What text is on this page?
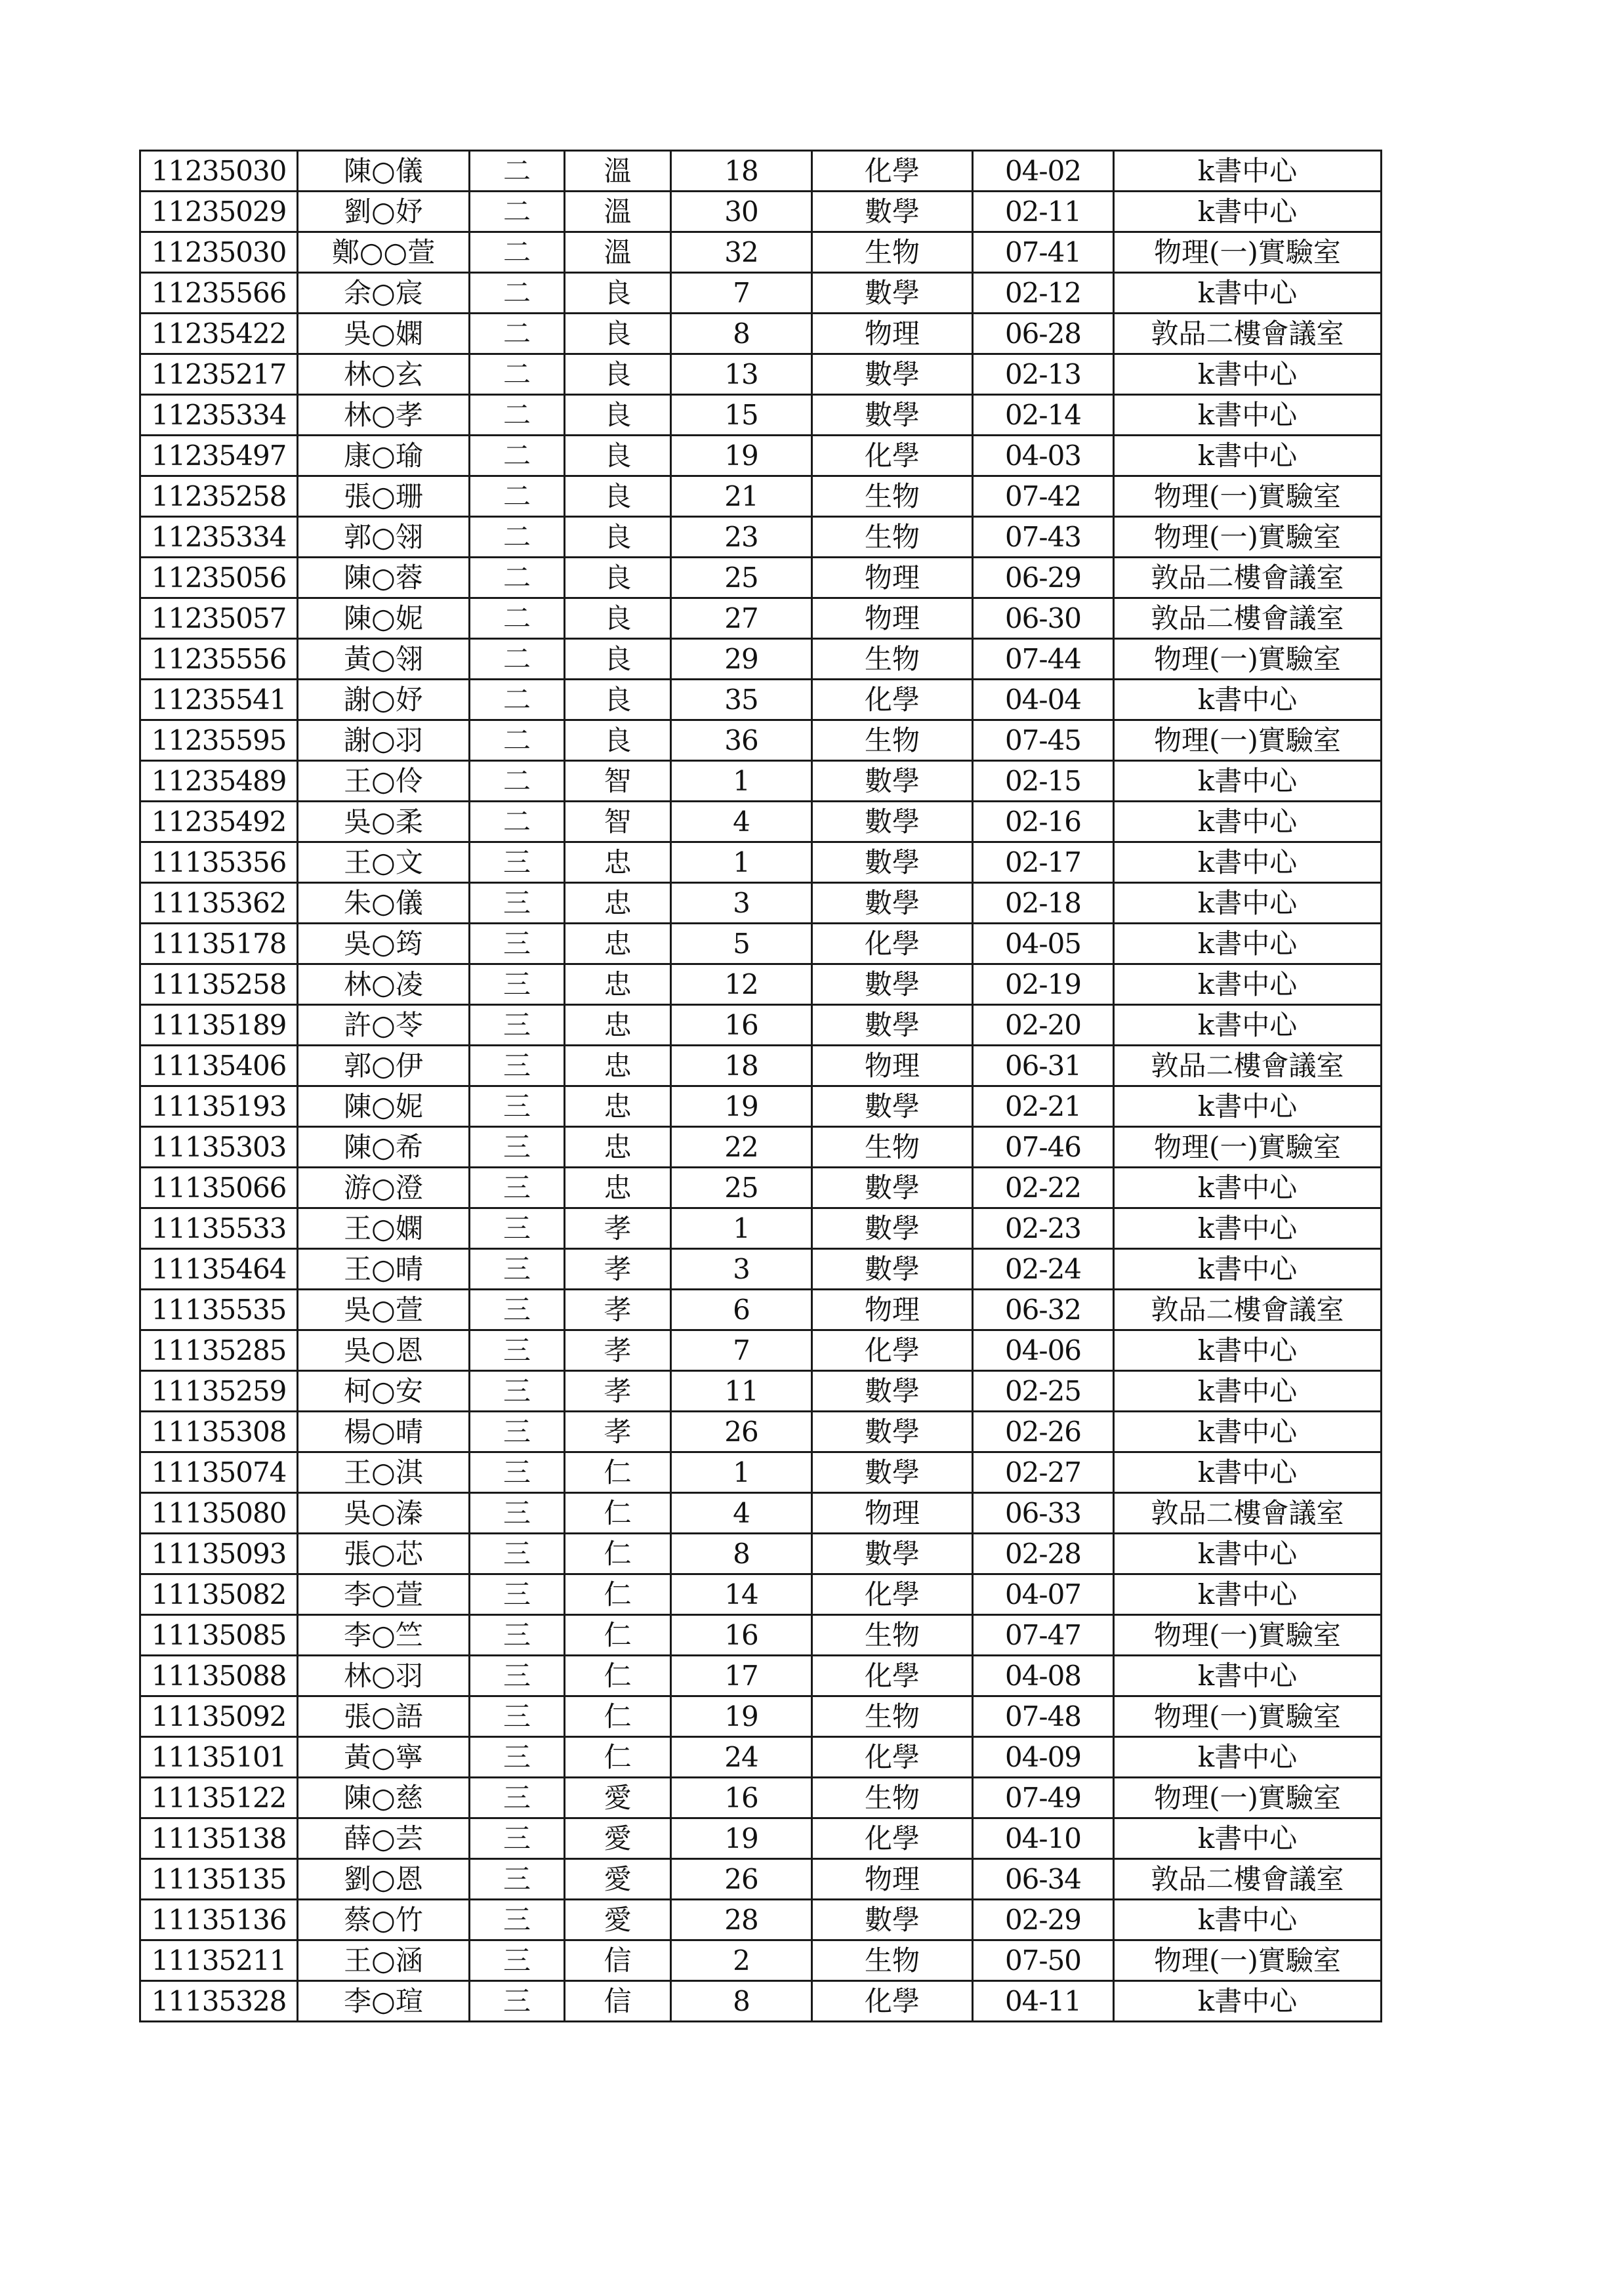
11235030	陳○儀	二	溫	18	化學	04-02	k書中心
11235029	劉○妤	二	溫	30	數學	02-11	k書中心
11235030	鄭○○萱	二	溫	32	生物	07-41	物理(一)實驗室
11235566	余○宸	二	良	7	數學	02-12	k書中心
11235422	吳○嫻	二	良	8	物理	06-28	敦品二樓會議室
11235217	林○玄	二	良	13	數學	02-13	k書中心
11235334	林○孝	二	良	15	數學	02-14	k書中心
11235497	康○瑜	二	良	19	化學	04-03	k書中心
11235258	張○珊	二	良	21	生物	07-42	物理(一)實驗室
11235334	郭○翎	二	良	23	生物	07-43	物理(一)實驗室
11235056	陳○蓉	二	良	25	物理	06-29	敦品二樓會議室
11235057	陳○妮	二	良	27	物理	06-30	敦品二樓會議室
11235556	黃○翎	二	良	29	生物	07-44	物理(一)實驗室
11235541	謝○妤	二	良	35	化學	04-04	k書中心
11235595	謝○羽	二	良	36	生物	07-45	物理(一)實驗室
11235489	王○伶	二	智	1	數學	02-15	k書中心
11235492	吳○柔	二	智	4	數學	02-16	k書中心
11135356	王○文	三	忠	1	數學	02-17	k書中心
11135362	朱○儀	三	忠	3	數學	02-18	k書中心
11135178	吳○筠	三	忠	5	化學	04-05	k書中心
11135258	林○凌	三	忠	12	數學	02-19	k書中心
11135189	許○苓	三	忠	16	數學	02-20	k書中心
11135406	郭○伊	三	忠	18	物理	06-31	敦品二樓會議室
11135193	陳○妮	三	忠	19	數學	02-21	k書中心
11135303	陳○希	三	忠	22	生物	07-46	物理(一)實驗室
11135066	游○澄	三	忠	25	數學	02-22	k書中心
11135533	王○嫻	三	孝	1	數學	02-23	k書中心
11135464	王○晴	三	孝	3	數學	02-24	k書中心
11135535	吳○萱	三	孝	6	物理	06-32	敦品二樓會議室
11135285	吳○恩	三	孝	7	化學	04-06	k書中心
11135259	柯○安	三	孝	11	數學	02-25	k書中心
11135308	楊○晴	三	孝	26	數學	02-26	k書中心
11135074	王○淇	三	仁	1	數學	02-27	k書中心
11135080	吳○溱	三	仁	4	物理	06-33	敦品二樓會議室
11135093	張○芯	三	仁	8	數學	02-28	k書中心
11135082	李○萱	三	仁	14	化學	04-07	k書中心
11135085	李○竺	三	仁	16	生物	07-47	物理(一)實驗室
11135088	林○羽	三	仁	17	化學	04-08	k書中心
11135092	張○語	三	仁	19	生物	07-48	物理(一)實驗室
11135101	黃○寧	三	仁	24	化學	04-09	k書中心
11135122	陳○慈	三	愛	16	生物	07-49	物理(一)實驗室
11135138	薛○芸	三	愛	19	化學	04-10	k書中心
11135135	劉○恩	三	愛	26	物理	06-34	敦品二樓會議室
11135136	蔡○竹	三	愛	28	數學	02-29	k書中心
11135211	王○涵	三	信	2	生物	07-50	物理(一)實驗室
11135328	李○瑄	三	信	8	化學	04-11	k書中心
